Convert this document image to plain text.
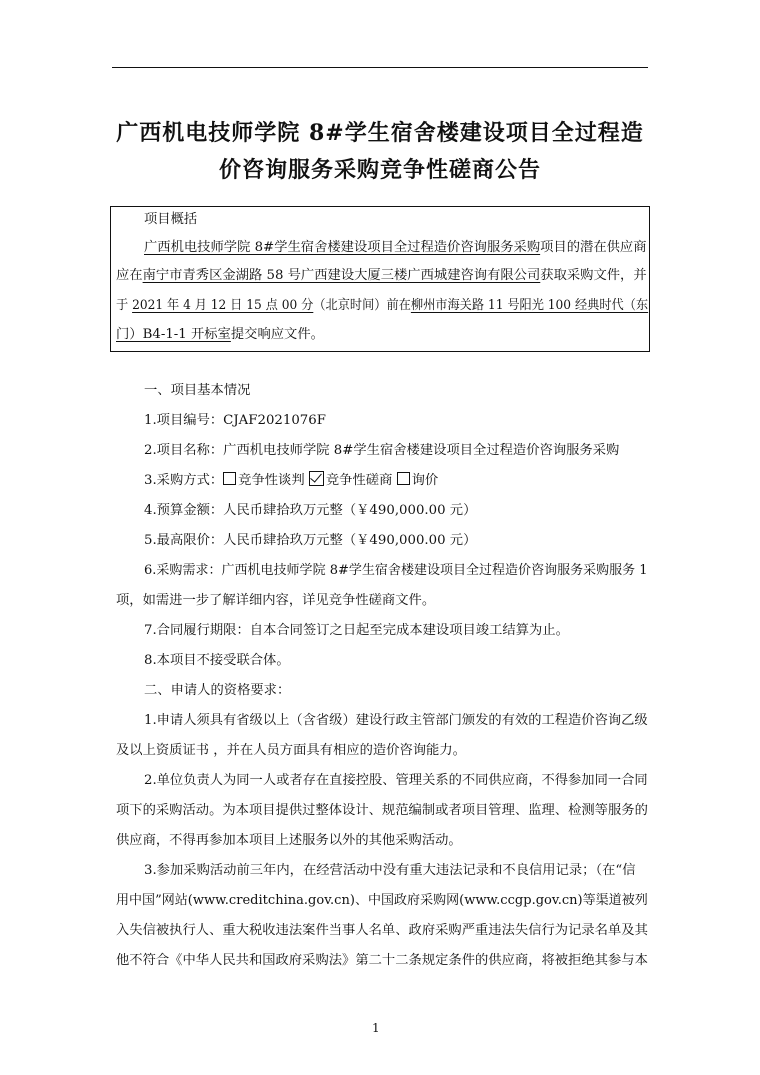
广西机电技师学院 8#学生宿舍楼建设项目全过程造
价咨询服务采购竞争性磋商公告
项目概括
广西机电技师学院 8#学生宿舍楼建设项目全过程造价咨询服务采购项目的潜在供应商
应在南宁市青秀区金湖路 58 号广西建设大厦三楼广西城建咨询有限公司获取采购文件，并
于 2021 年 4 月 12 日 15 点 00 分（北京时间）前在柳州市海关路 11 号阳光 100 经典时代（东
门）B4-1-1 开标室提交响应文件。
一、项目基本情况
1.项目编号：CJAF2021076F
2.项目名称：广西机电技师学院 8#学生宿舍楼建设项目全过程造价咨询服务采购
3.采购方式： 竞争性谈判 竞争性磋商 询价
4.预算金额：人民币肆拾玖万元整（￥490,000.00 元）
5.最高限价：人民币肆拾玖万元整（￥490,000.00 元）
6.采购需求：广西机电技师学院 8#学生宿舍楼建设项目全过程造价咨询服务采购服务 1
项，如需进一步了解详细内容，详见竞争性磋商文件。
7.合同履行期限：自本合同签订之日起至完成本建设项目竣工结算为止。
8.本项目不接受联合体。
二、申请人的资格要求：
1.申请人须具有省级以上（含省级）建设行政主管部门颁发的有效的工程造价咨询乙级
及以上资质证书 ，并在人员方面具有相应的造价咨询能力。
2.单位负责人为同一人或者存在直接控股、管理关系的不同供应商，不得参加同一合同
项下的采购活动。为本项目提供过整体设计、规范编制或者项目管理、监理、检测等服务的
供应商，不得再参加本项目上述服务以外的其他采购活动。
3.参加采购活动前三年内，在经营活动中没有重大违法记录和不良信用记录；（在“信
用中国”网站(www.creditchina.gov.cn)、中国政府采购网(www.ccgp.gov.cn)等渠道被列
入失信被执行人、重大税收违法案件当事人名单、政府采购严重违法失信行为记录名单及其
他不符合《中华人民共和国政府采购法》第二十二条规定条件的供应商，将被拒绝其参与本
1
